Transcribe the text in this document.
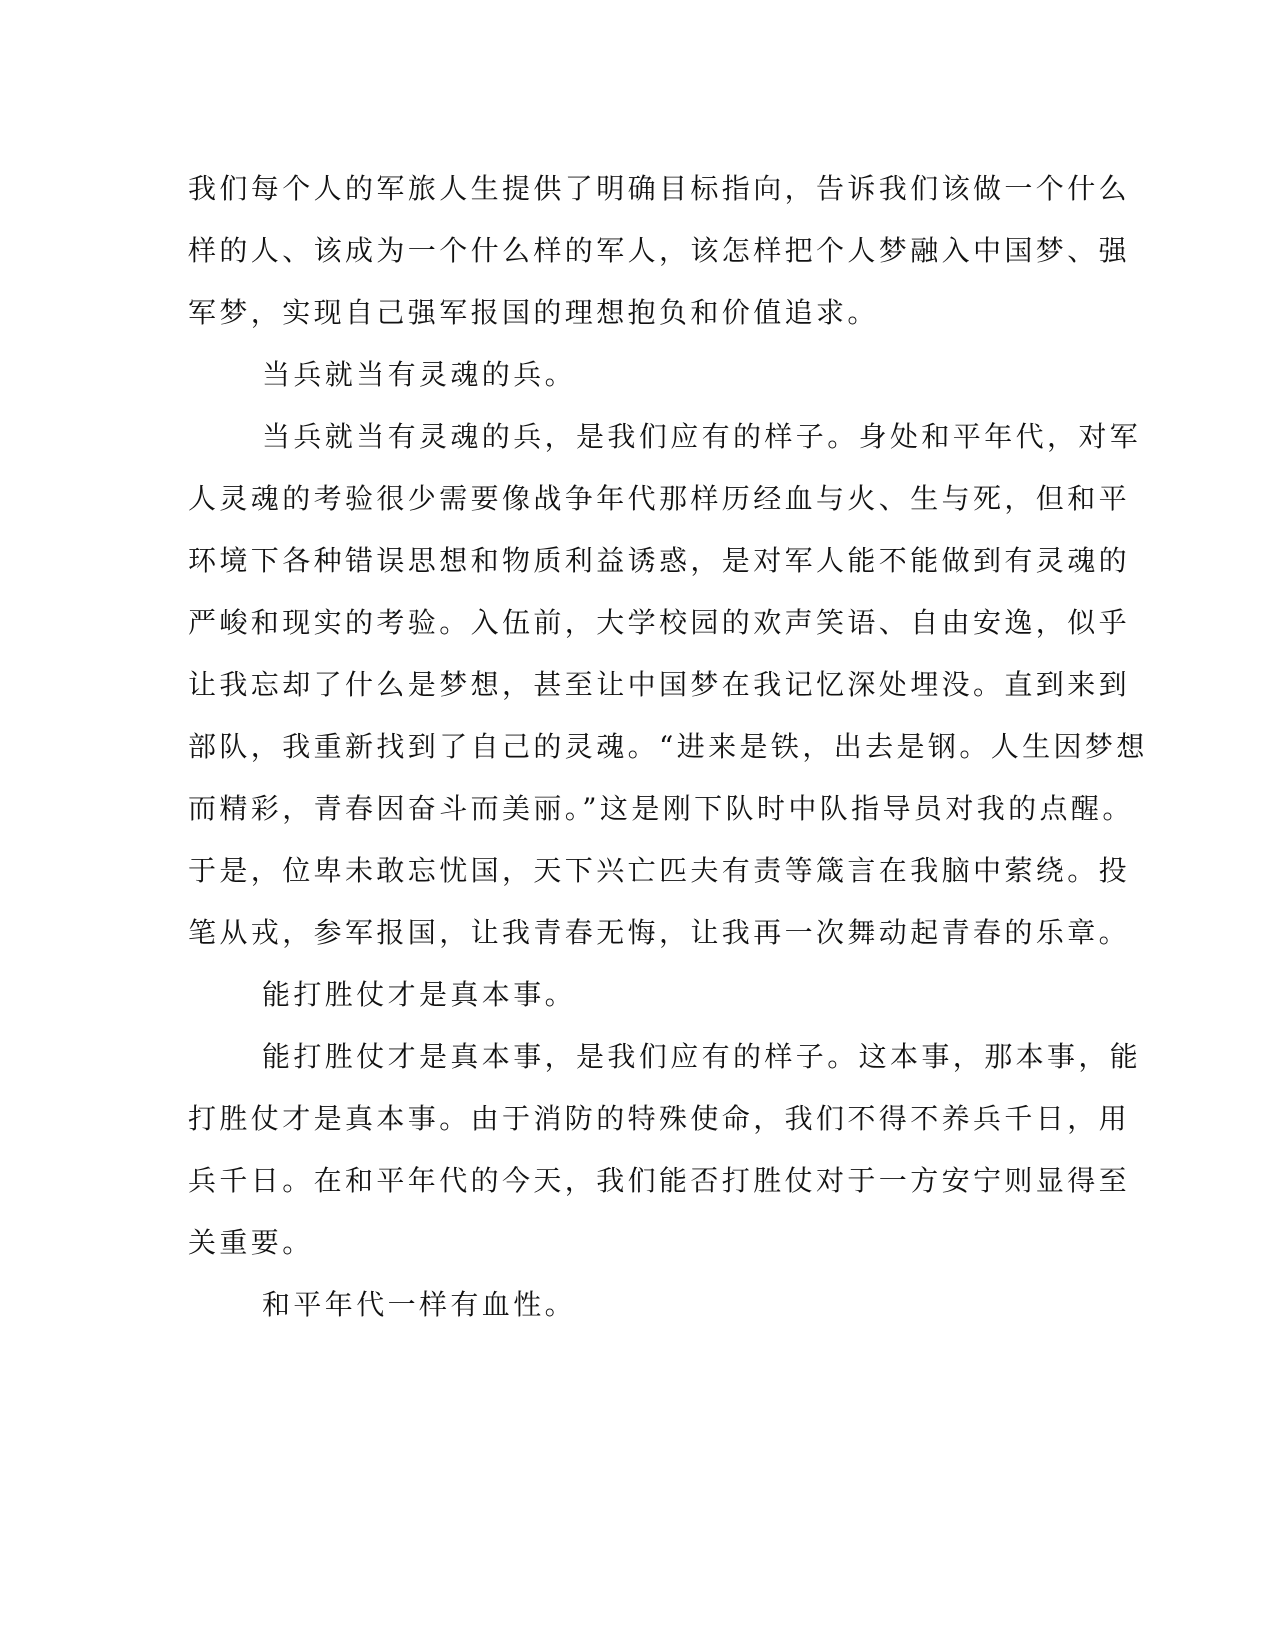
我们每个人的军旅人生提供了明确目标指向，告诉我们该做一个什么
样的人、该成为一个什么样的军人，该怎样把个人梦融入中国梦、强
军梦，实现自己强军报国的理想抱负和价值追求。
当兵就当有灵魂的兵。
当兵就当有灵魂的兵，是我们应有的样子。身处和平年代，对军
人灵魂的考验很少需要像战争年代那样历经血与火、生与死，但和平
环境下各种错误思想和物质利益诱惑，是对军人能不能做到有灵魂的
严峻和现实的考验。入伍前，大学校园的欢声笑语、自由安逸，似乎
让我忘却了什么是梦想，甚至让中国梦在我记忆深处埋没。直到来到
部队，我重新找到了自己的灵魂。“进来是铁，出去是钢。人生因梦想
而精彩，青春因奋斗而美丽。”这是刚下队时中队指导员对我的点醒。
于是，位卑未敢忘忧国，天下兴亡匹夫有责等箴言在我脑中萦绕。投
笔从戎，参军报国，让我青春无悔，让我再一次舞动起青春的乐章。
能打胜仗才是真本事。
能打胜仗才是真本事，是我们应有的样子。这本事，那本事，能
打胜仗才是真本事。由于消防的特殊使命，我们不得不养兵千日，用
兵千日。在和平年代的今天，我们能否打胜仗对于一方安宁则显得至
关重要。
和平年代一样有血性。
